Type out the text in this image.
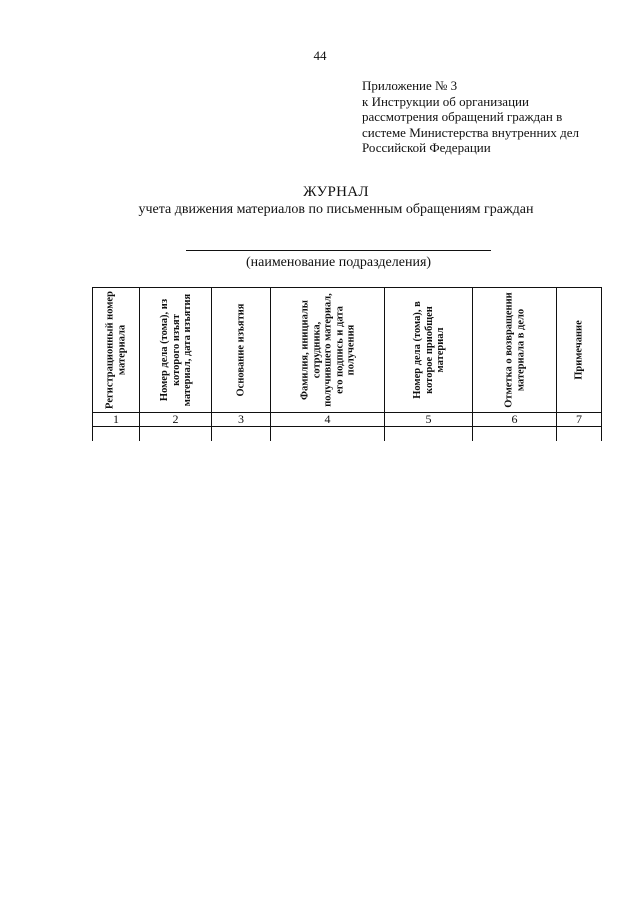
44
Приложение № 3
к Инструкции об организации
рассмотрения обращений граждан в
системе Министерства внутренних дел
Российской Федерации
ЖУРНАЛ
учета движения материалов по письменным обращениям граждан
(наименование подразделения)
Регистрационный номер материала	Номер дела (тома), из которого изъят материал, дата изъятия	Основание изъятия	Фамилия, инициалы сотрудника, получившего материал, его подпись и дата получения	Номер дела (тома), в которое приобщен материал	Отметка о возвращении материала в дело	Примечание

1	2	3	4	5	6	7
